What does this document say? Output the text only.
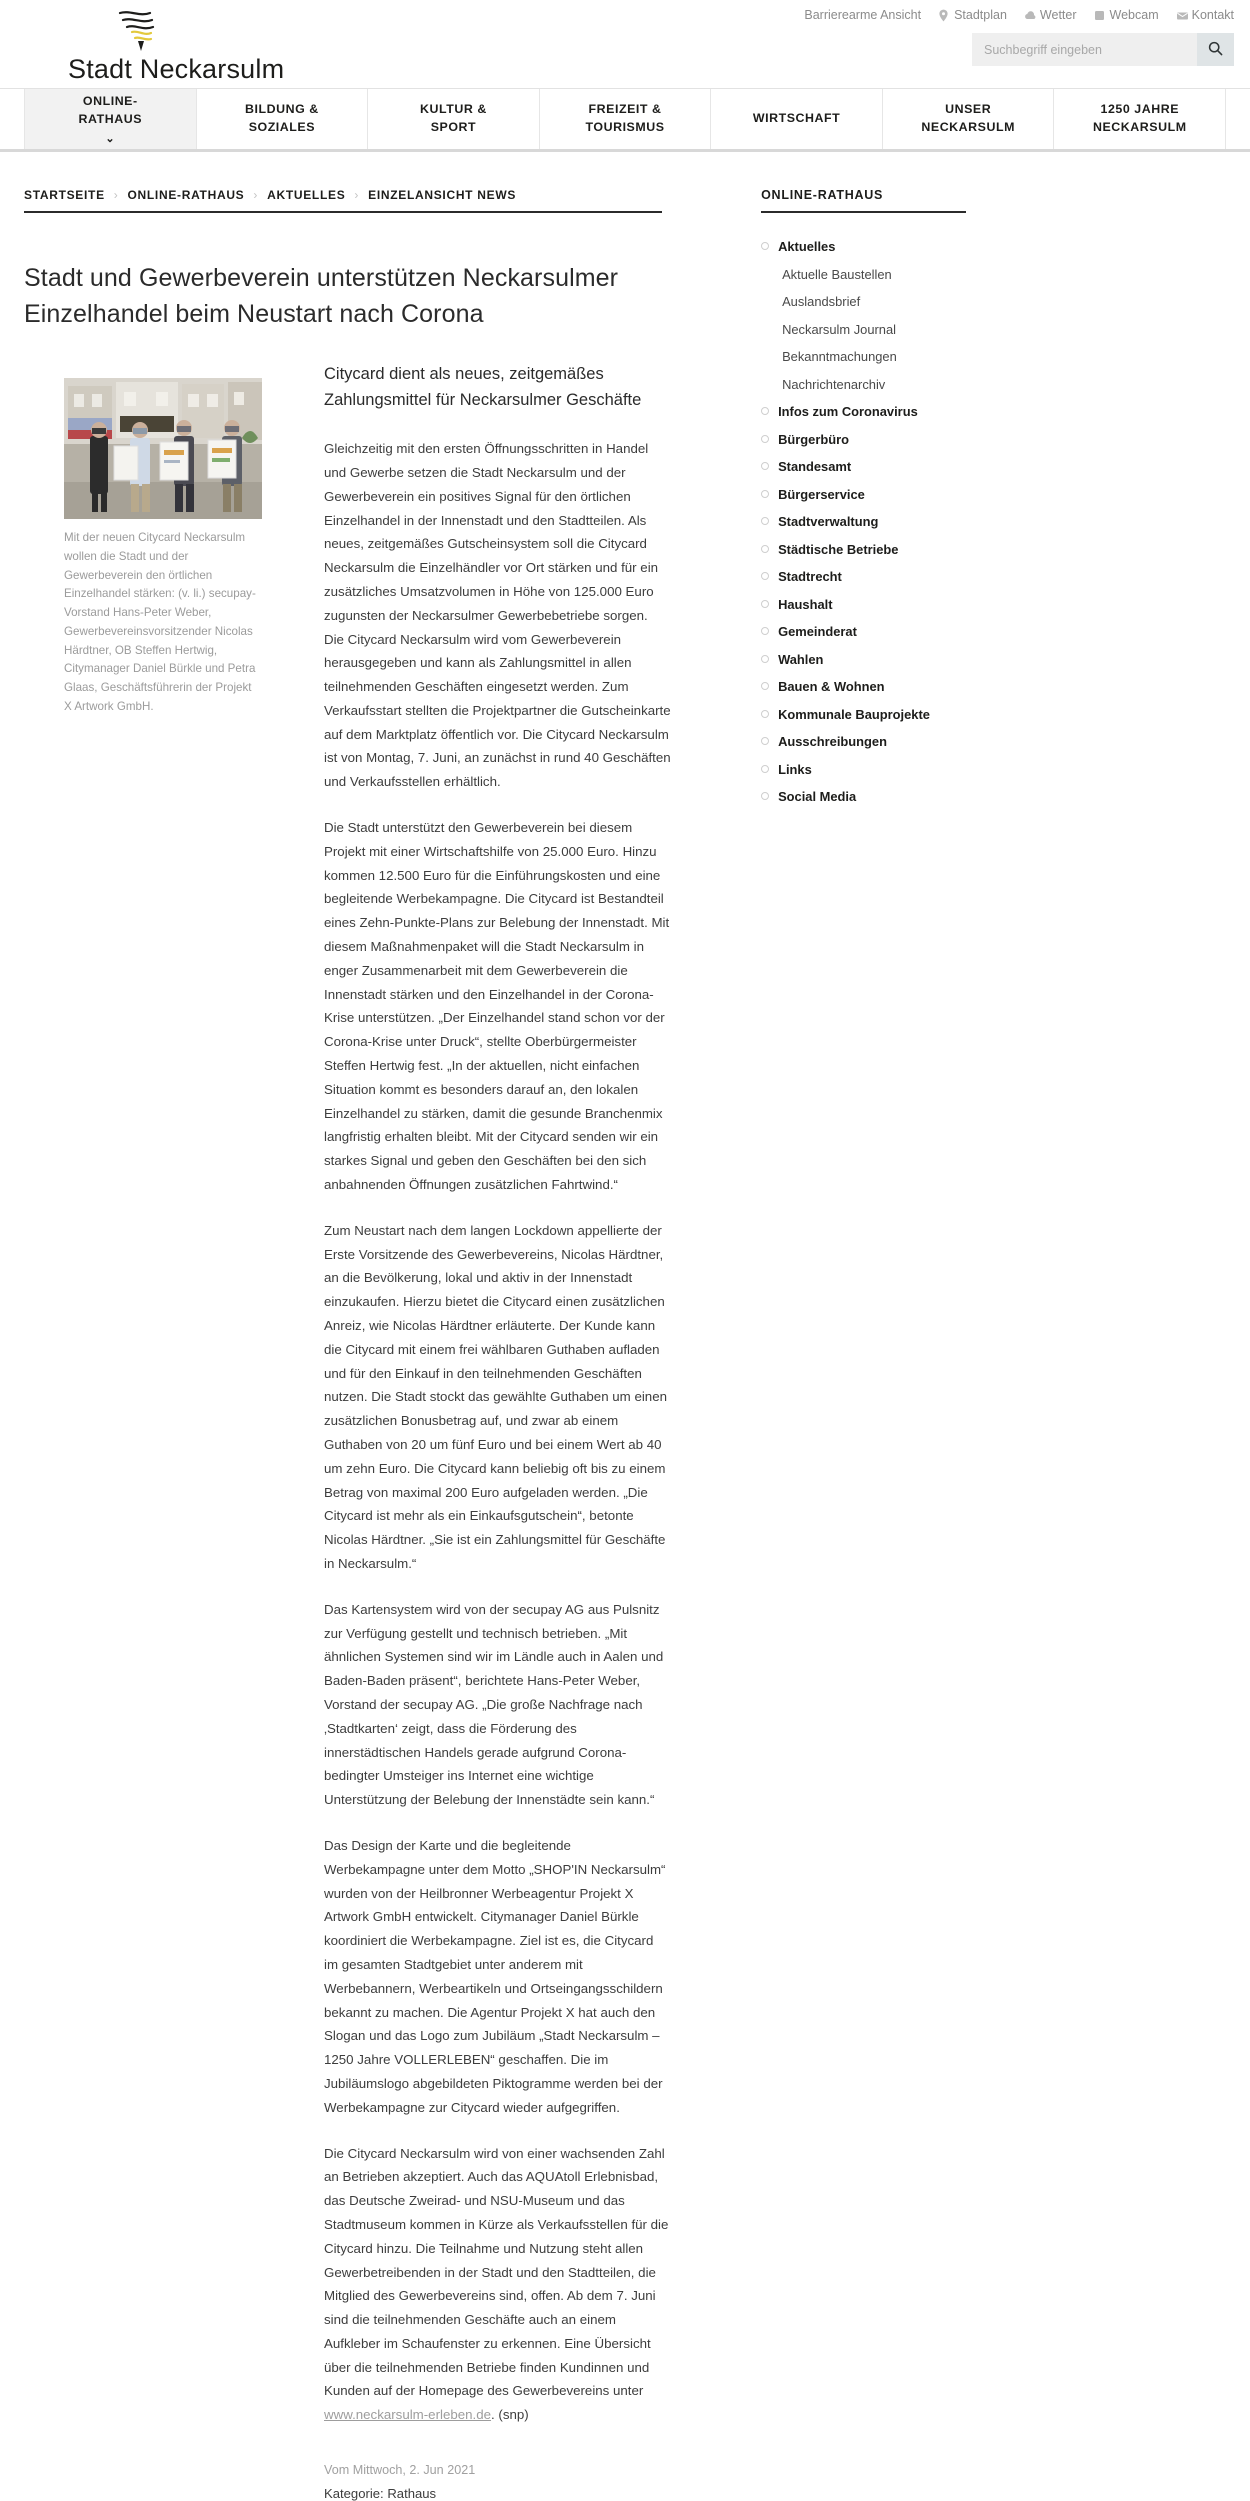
Stadt Neckarsulm
Barrierearme Ansicht	Stadtplan	Wetter	Webcam	Kontakt
Suchbegriff eingeben
ONLINE-
RATHAUS
⌄
BILDUNG &
SOZIALES
KULTUR &
SPORT
FREIZEIT &
TOURISMUS
WIRTSCHAFT
UNSER
NECKARSULM
1250 JAHRE
NECKARSULM
STARTSEITE › ONLINE-RATHAUS › AKTUELLES › EINZELANSICHT NEWS
Stadt und Gewerbeverein unterstützen Neckarsulmer Einzelhandel beim Neustart nach Corona
Mit der neuen Citycard Neckarsulm wollen die Stadt und der Gewerbeverein den örtlichen Einzelhandel stärken: (v. li.) secupay-Vorstand Hans-Peter Weber, Gewerbevereinsvorsitzender Nicolas Härdtner, OB Steffen Hertwig, Citymanager Daniel Bürkle und Petra Glaas, Geschäftsführerin der Projekt X Artwork GmbH.
Citycard dient als neues, zeitgemäßes Zahlungsmittel für Neckarsulmer Geschäfte

Gleichzeitig mit den ersten Öffnungsschritten in Handel und Gewerbe setzen die Stadt Neckarsulm und der Gewerbeverein ein positives Signal für den örtlichen Einzelhandel in der Innenstadt und den Stadtteilen. Als neues, zeitgemäßes Gutscheinsystem soll die Citycard Neckarsulm die Einzelhändler vor Ort stärken und für ein zusätzliches Umsatzvolumen in Höhe von 125.000 Euro zugunsten der Neckarsulmer Gewerbebetriebe sorgen. Die Citycard Neckarsulm wird vom Gewerbeverein herausgegeben und kann als Zahlungsmittel in allen teilnehmenden Geschäften eingesetzt werden. Zum Verkaufsstart stellten die Projektpartner die Gutscheinkarte auf dem Marktplatz öffentlich vor. Die Citycard Neckarsulm ist von Montag, 7. Juni, an zunächst in rund 40 Geschäften und Verkaufsstellen erhältlich.

Die Stadt unterstützt den Gewerbeverein bei diesem Projekt mit einer Wirtschaftshilfe von 25.000 Euro. Hinzu kommen 12.500 Euro für die Einführungskosten und eine begleitende Werbekampagne. Die Citycard ist Bestandteil eines Zehn-Punkte-Plans zur Belebung der Innenstadt. Mit diesem Maßnahmenpaket will die Stadt Neckarsulm in enger Zusammenarbeit mit dem Gewerbeverein die Innenstadt stärken und den Einzelhandel in der Corona-Krise unterstützen. „Der Einzelhandel stand schon vor der Corona-Krise unter Druck“, stellte Oberbürgermeister Steffen Hertwig fest. „In der aktuellen, nicht einfachen Situation kommt es besonders darauf an, den lokalen Einzelhandel zu stärken, damit die gesunde Branchenmix langfristig erhalten bleibt. Mit der Citycard senden wir ein starkes Signal und geben den Geschäften bei den sich anbahnenden Öffnungen zusätzlichen Fahrtwind.“

Zum Neustart nach dem langen Lockdown appellierte der Erste Vorsitzende des Gewerbevereins, Nicolas Härdtner, an die Bevölkerung, lokal und aktiv in der Innenstadt einzukaufen. Hierzu bietet die Citycard einen zusätzlichen Anreiz, wie Nicolas Härdtner erläuterte. Der Kunde kann die Citycard mit einem frei wählbaren Guthaben aufladen und für den Einkauf in den teilnehmenden Geschäften nutzen. Die Stadt stockt das gewählte Guthaben um einen zusätzlichen Bonusbetrag auf, und zwar ab einem Guthaben von 20 um fünf Euro und bei einem Wert ab 40 um zehn Euro. Die Citycard kann beliebig oft bis zu einem Betrag von maximal 200 Euro aufgeladen werden. „Die Citycard ist mehr als ein Einkaufsgutschein“, betonte Nicolas Härdtner. „Sie ist ein Zahlungsmittel für Geschäfte in Neckarsulm.“

Das Kartensystem wird von der secupay AG aus Pulsnitz zur Verfügung gestellt und technisch betrieben. „Mit ähnlichen Systemen sind wir im Ländle auch in Aalen und Baden-Baden präsent“, berichtete Hans-Peter Weber, Vorstand der secupay AG. „Die große Nachfrage nach ‚Stadtkarten‘ zeigt, dass die Förderung des innerstädtischen Handels gerade aufgrund Corona-bedingter Umsteiger ins Internet eine wichtige Unterstützung der Belebung der Innenstädte sein kann.“

Das Design der Karte und die begleitende Werbekampagne unter dem Motto „SHOP'IN Neckarsulm“ wurden von der Heilbronner Werbeagentur Projekt X Artwork GmbH entwickelt. Citymanager Daniel Bürkle koordiniert die Werbekampagne. Ziel ist es, die Citycard im gesamten Stadtgebiet unter anderem mit Werbebannern, Werbeartikeln und Ortseingangsschildern bekannt zu machen. Die Agentur Projekt X hat auch den Slogan und das Logo zum Jubiläum „Stadt Neckarsulm – 1250 Jahre VOLLERLEBEN“ geschaffen. Die im Jubiläumslogo abgebildeten Piktogramme werden bei der Werbekampagne zur Citycard wieder aufgegriffen.

Die Citycard Neckarsulm wird von einer wachsenden Zahl an Betrieben akzeptiert. Auch das AQUAtoll Erlebnisbad, das Deutsche Zweirad- und NSU-Museum und das Stadtmuseum kommen in Kürze als Verkaufsstellen für die Citycard hinzu. Die Teilnahme und Nutzung steht allen Gewerbetreibenden in der Stadt und den Stadtteilen, die Mitglied des Gewerbevereins sind, offen. Ab dem 7. Juni sind die teilnehmenden Geschäfte auch an einem Aufkleber im Schaufenster zu erkennen. Eine Übersicht über die teilnehmenden Betriebe finden Kundinnen und Kunden auf der Homepage des Gewerbevereins unter www.neckarsulm-erleben.de. (snp)

Vom Mittwoch, 2. Jun 2021
Kategorie: Rathaus
ONLINE-RATHAUS
Aktuelles
Aktuelle Baustellen
Auslandsbrief
Neckarsulm Journal
Bekanntmachungen
Nachrichtenarchiv
Infos zum Coronavirus
Bürgerbüro
Standesamt
Bürgerservice
Stadtverwaltung
Städtische Betriebe
Stadtrecht
Haushalt
Gemeinderat
Wahlen
Bauen & Wohnen
Kommunale Bauprojekte
Ausschreibungen
Links
Social Media
